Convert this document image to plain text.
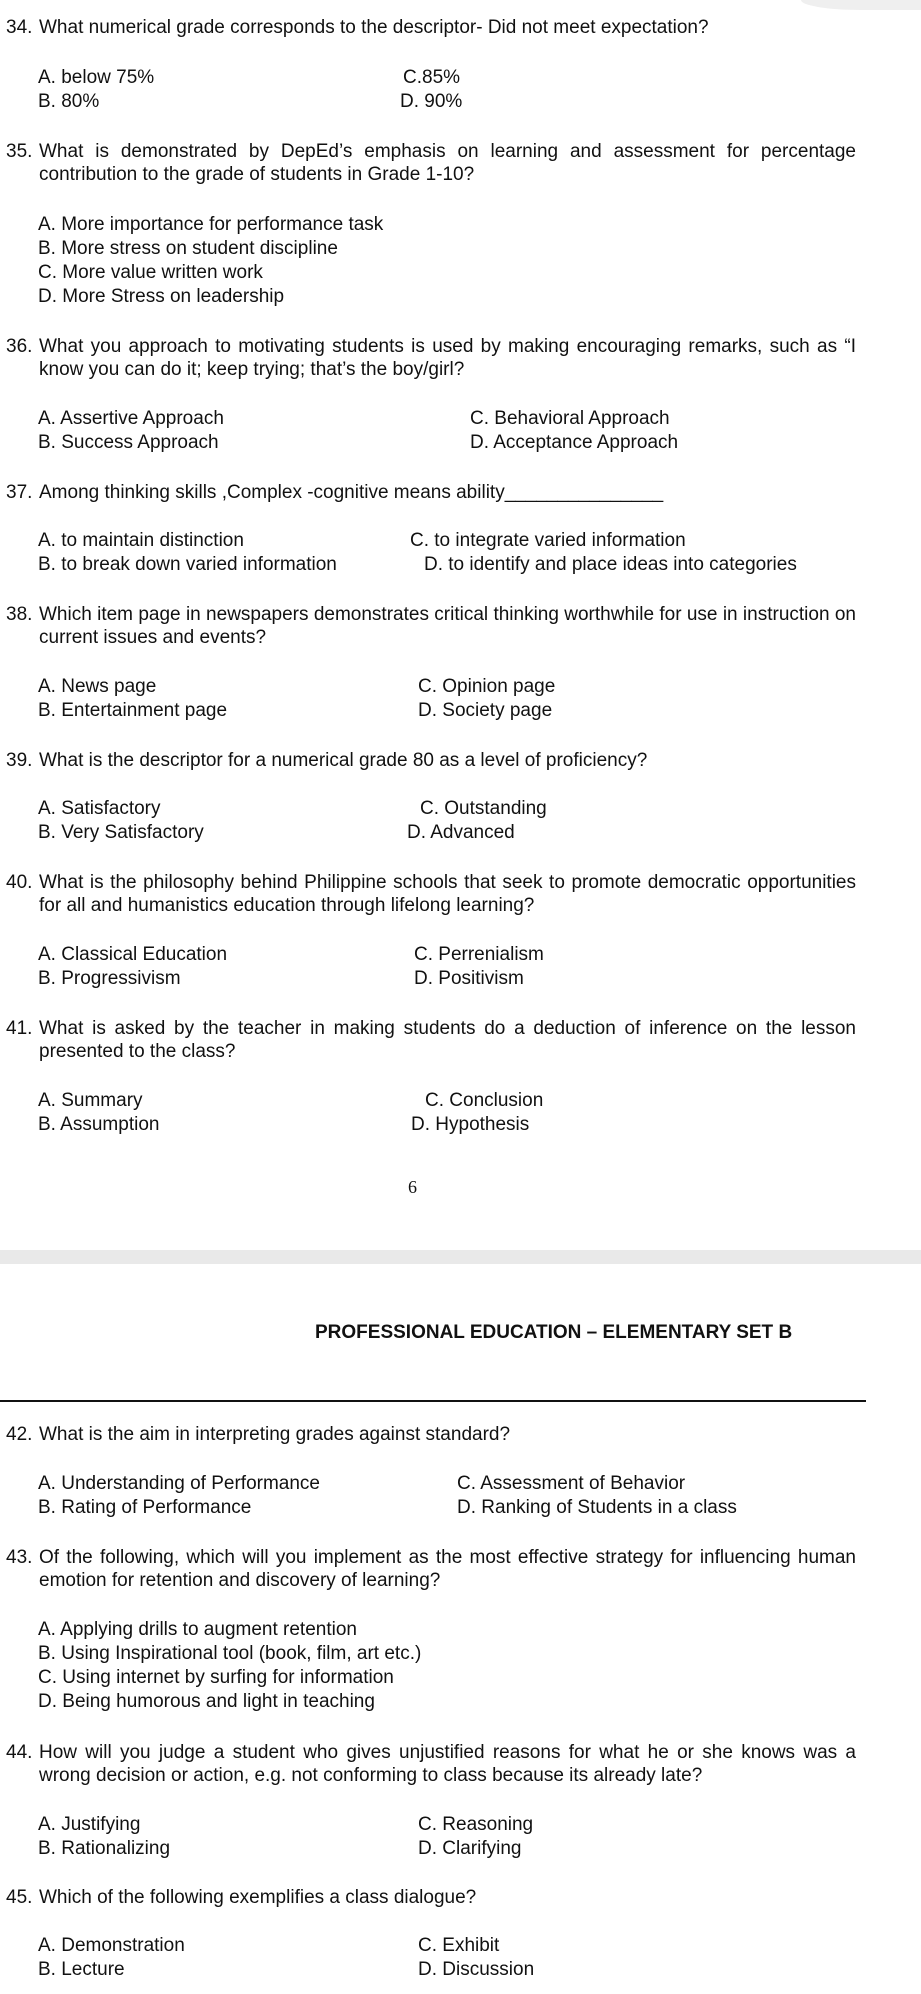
34. What numerical grade corresponds to the descriptor- Did not meet expectation?
A. below 75%
B. 80%
C.85%
D. 90%
35. What is demonstrated by DepEd’s emphasis on learning and assessment for percentage contribution to the grade of students in Grade 1-10?
A. More importance for performance task
B. More stress on student discipline
C. More value written work
D. More Stress on leadership
36. What you approach to motivating students is used by making encouraging remarks, such as “I know you can do it; keep trying; that’s the boy/girl?
A. Assertive Approach
B. Success Approach
C. Behavioral Approach
D. Acceptance Approach
37. Among thinking skills ,Complex -cognitive means ability_______________
A. to maintain distinction
B. to break down varied information
C. to integrate varied information
D. to identify and place ideas into categories
38. Which item page in newspapers demonstrates critical thinking worthwhile for use in instruction on current issues and events?
A. News page
B. Entertainment page
C. Opinion page
D. Society page
39. What is the descriptor for a numerical grade 80 as a level of proficiency?
A. Satisfactory
B. Very Satisfactory
C. Outstanding
D. Advanced
40. What is the philosophy behind Philippine schools that seek to promote democratic opportunities for all and humanistics education through lifelong learning?
A. Classical Education
B. Progressivism
C. Perrenialism
D. Positivism
41. What is asked by the teacher in making students do a deduction of inference on the lesson presented to the class?
A. Summary
B. Assumption
C. Conclusion
D. Hypothesis
6
PROFESSIONAL EDUCATION – ELEMENTARY SET B
42. What is the aim in interpreting grades against standard?
A. Understanding of Performance
B. Rating of Performance
C. Assessment of Behavior
D. Ranking of Students in a class
43. Of the following, which will you implement as the most effective strategy for influencing human emotion for retention and discovery of learning?
A. Applying drills to augment retention
B. Using Inspirational tool (book, film, art etc.)
C. Using internet by surfing for information
D. Being humorous and light in teaching
44. How will you judge a student who gives unjustified reasons for what he or she knows was a wrong decision or action, e.g. not conforming to class because its already late?
A. Justifying
B. Rationalizing
C. Reasoning
D. Clarifying
45. Which of the following exemplifies a class dialogue?
A. Demonstration
B. Lecture
C. Exhibit
D. Discussion
